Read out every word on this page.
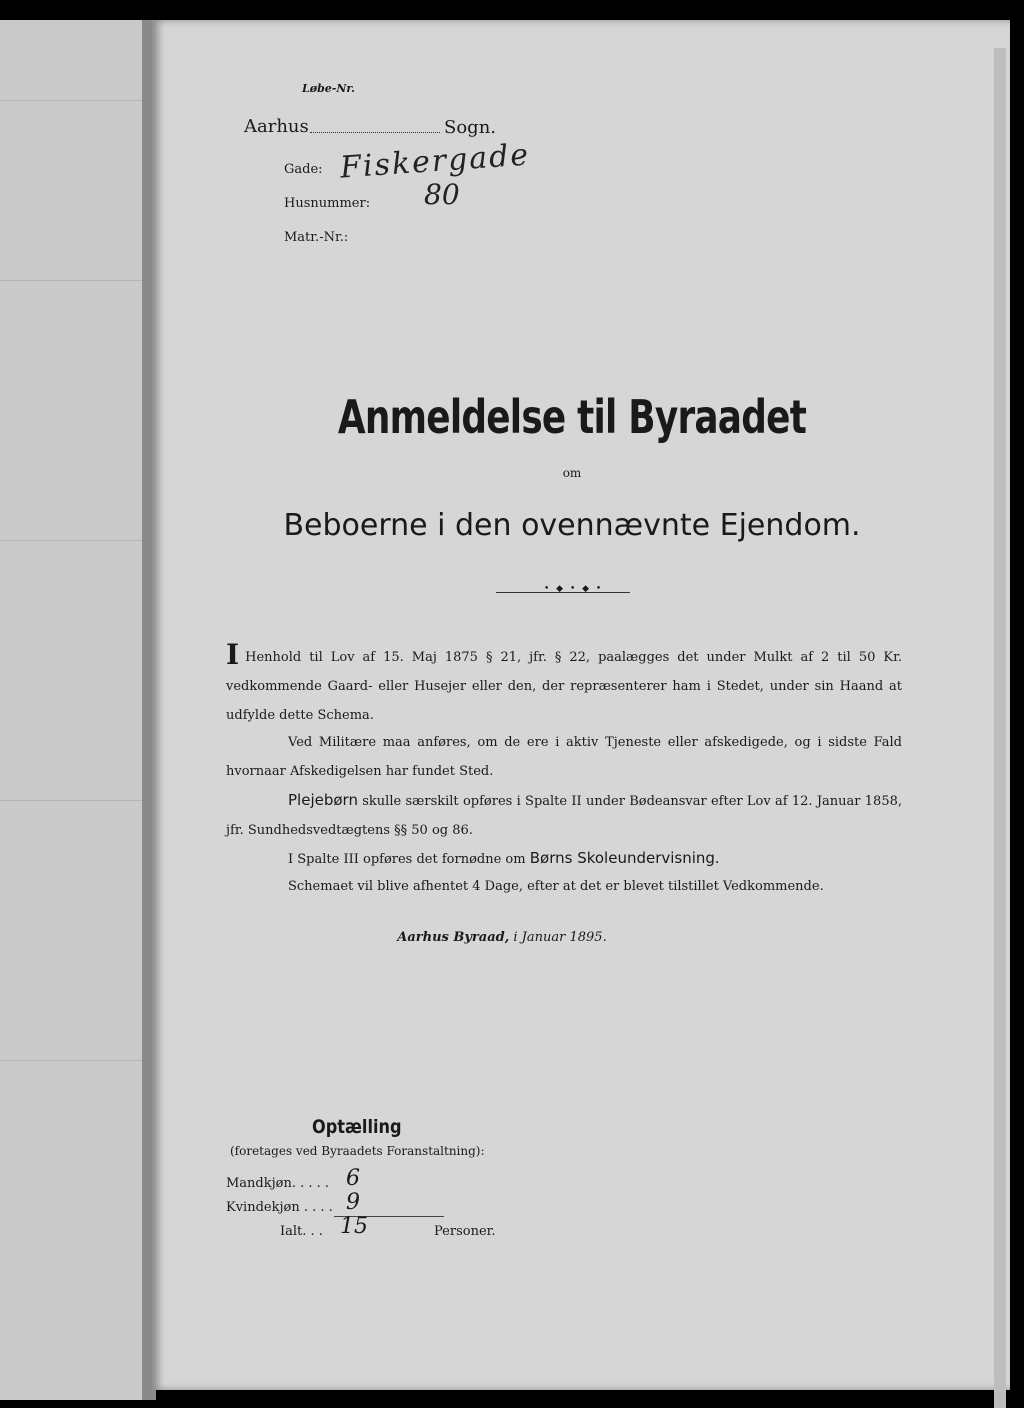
Løbe-Nr.
Aarhus	Sogn.
Gade: Fiskergade
Husnummer: 80
Matr.-Nr.:
Anmeldelse til Byraadet
om
Beboerne i den ovennævnte Ejendom.
• ◆ • ◆ •
I Henhold til Lov af 15. Maj 1875 § 21, jfr. § 22, paalægges det under Mulkt af 2 til 50 Kr. vedkommende Gaard- eller Husejer eller den, der repræsenterer ham i Stedet, under sin Haand at udfylde dette Schema.
Ved Militære maa anføres, om de ere i aktiv Tjeneste eller afskedigede, og i sidste Fald hvornaar Afskedigelsen har fundet Sted.
Plejebørn skulle særskilt opføres i Spalte II under Bødeansvar efter Lov af 12. Januar 1858, jfr. Sundhedsvedtægtens §§ 50 og 86.
I Spalte III opføres det fornødne om Børns Skoleundervisning.
Schemaet vil blive afhentet 4 Dage, efter at det er blevet tilstillet Vedkommende.
Aarhus Byraad, i Januar 1895.
Optælling
(foretages ved Byraadets Foranstaltning):
Mandkjøn. . . . . 6
Kvindekjøn . . . . 9
Ialt. . . 15	Personer.
